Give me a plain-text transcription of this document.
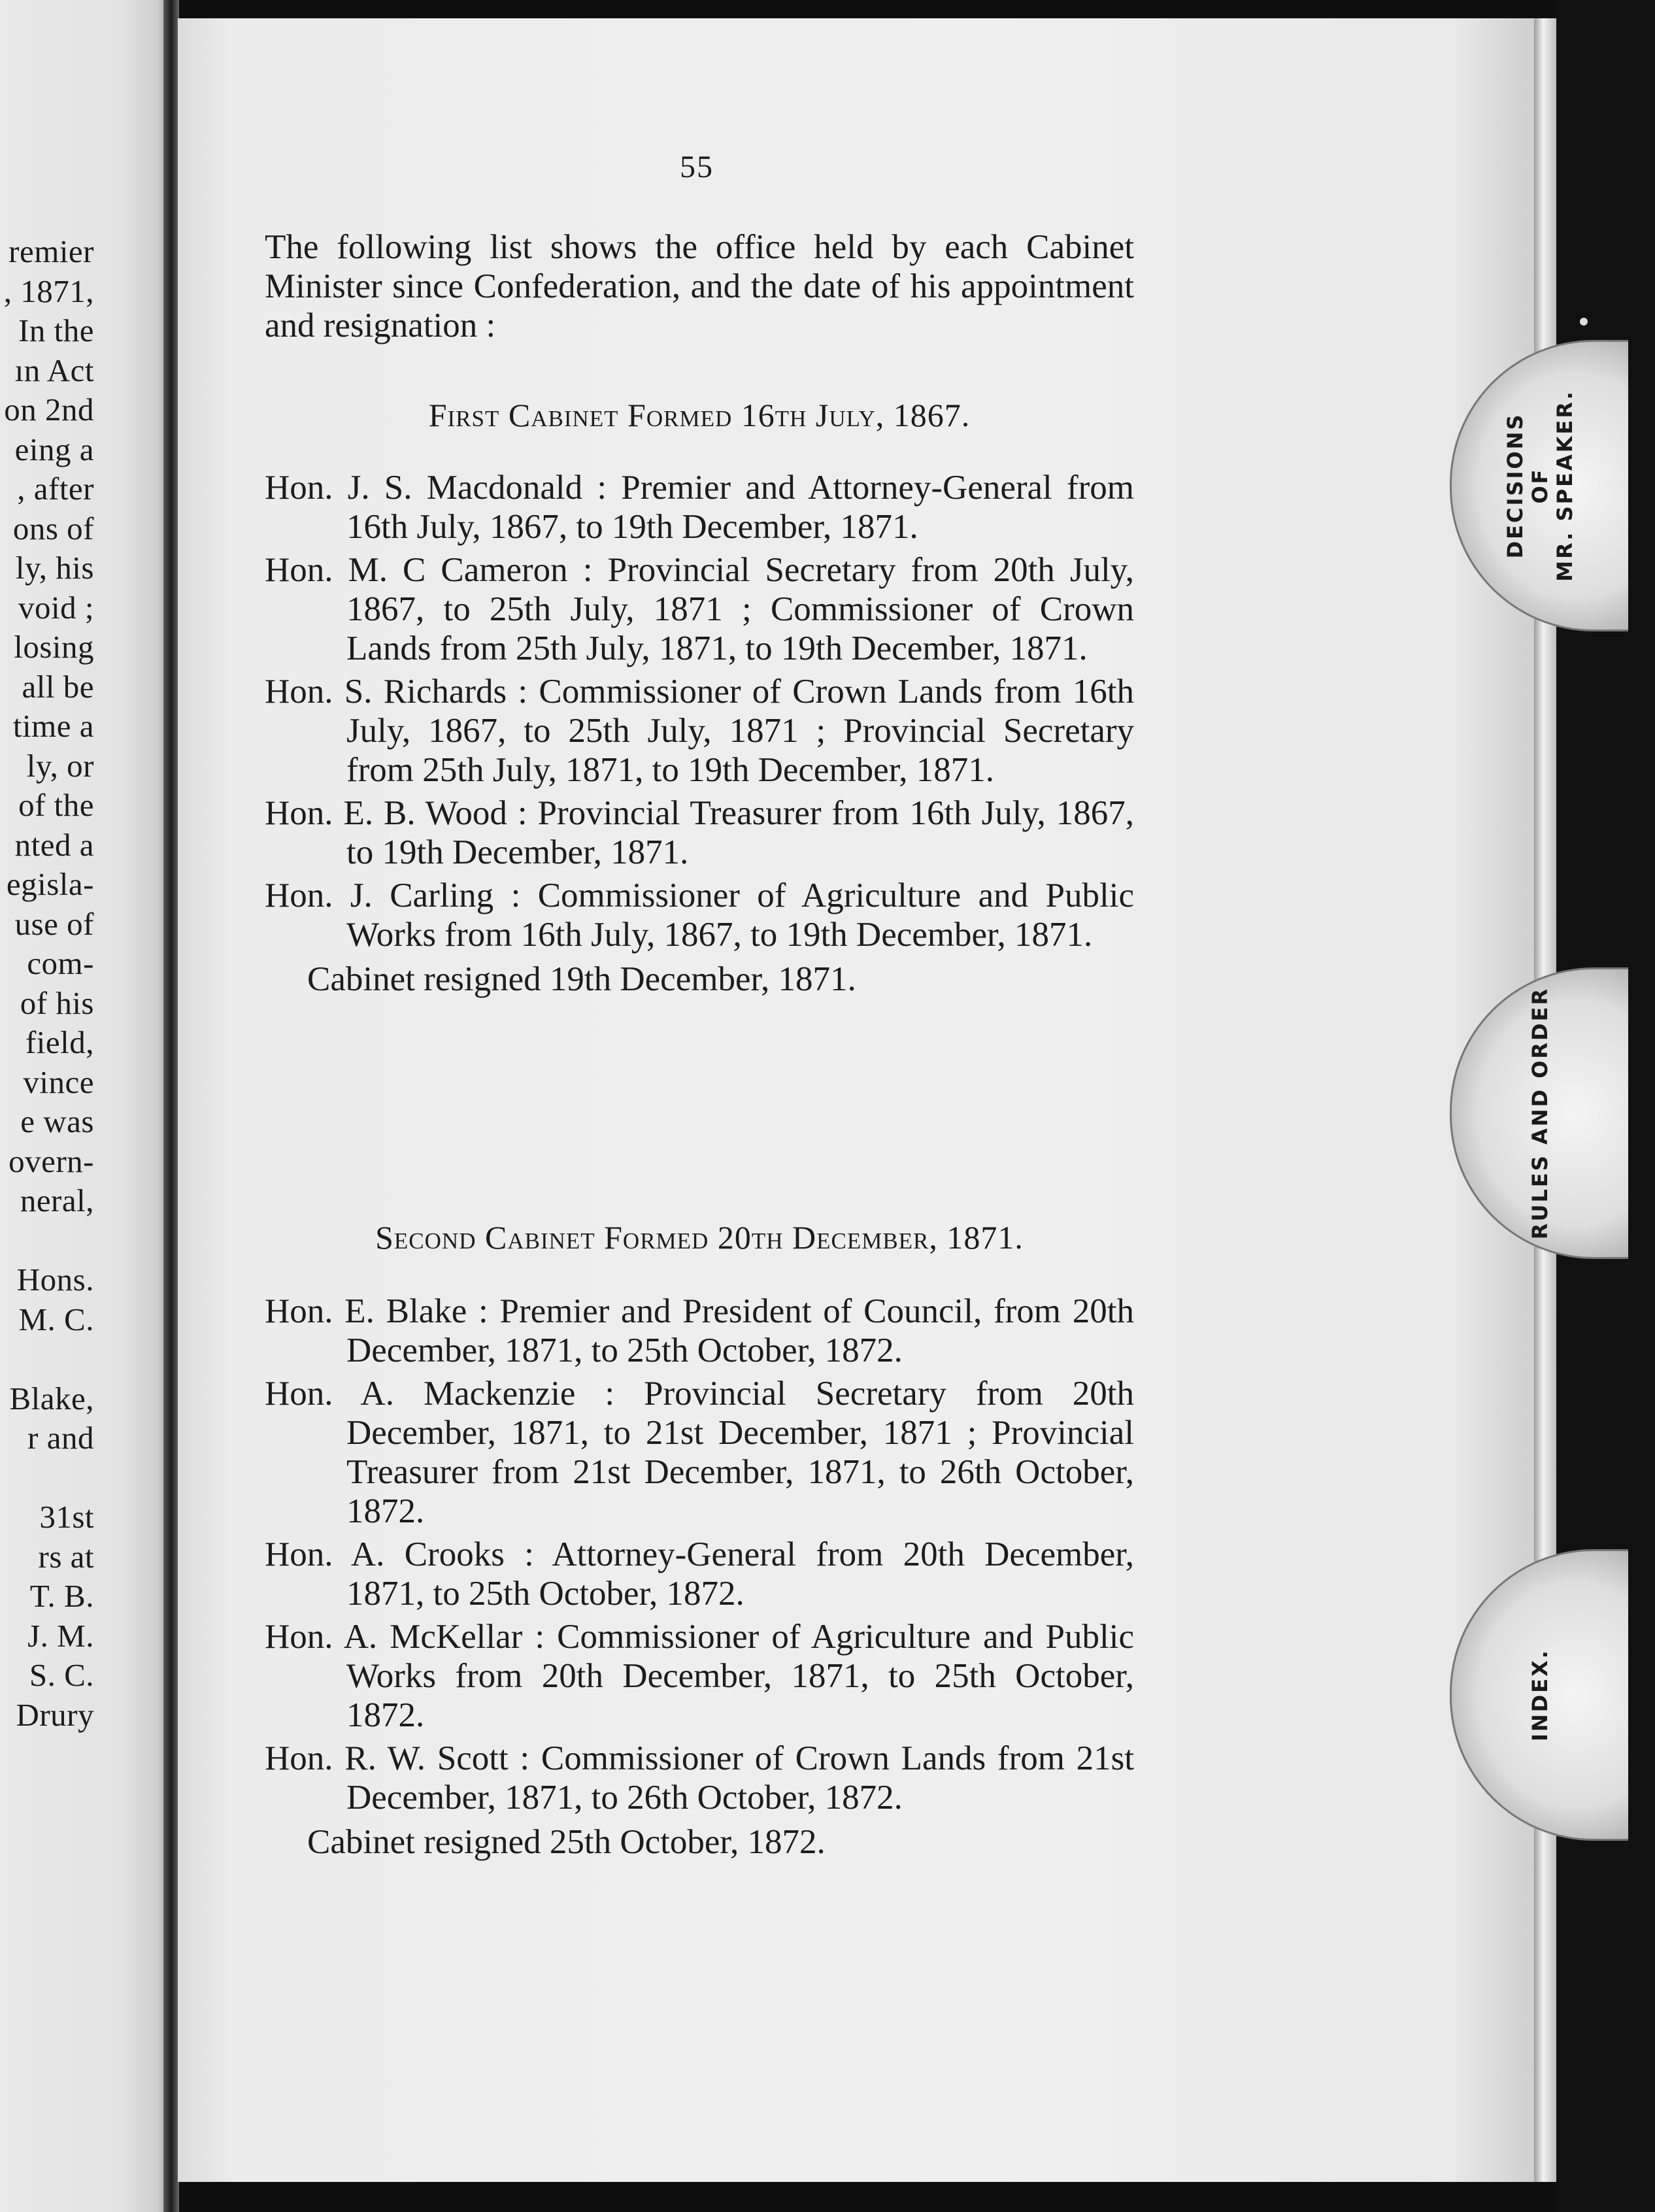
remier
, 1871,
In the
ın Act
on 2nd
eing a
, after
ons of
ly, his
void ;
losing
all be
time a
ly, or
of the
nted a
egisla-
use of
com-
of his
field,
vince
e was
overn-
neral,
Hons.
M. C.
Blake,
r and
31st
rs at
T. B.
J. M.
S. C.
Drury
55
The following list shows the office held by each Cabinet Minister since Confederation, and the date of his appointment and resignation :
First Cabinet Formed 16th July, 1867.
Hon. J. S. Macdonald : Premier and Attorney-General from 16th July, 1867, to 19th December, 1871.
Hon. M. C Cameron : Provincial Secretary from 20th July, 1867, to 25th July, 1871 ; Commissioner of Crown Lands from 25th July, 1871, to 19th December, 1871.
Hon. S. Richards : Commissioner of Crown Lands from 16th July, 1867, to 25th July, 1871 ; Provincial Secretary from 25th July, 1871, to 19th December, 1871.
Hon. E. B. Wood : Provincial Treasurer from 16th July, 1867, to 19th December, 1871.
Hon. J. Carling : Commissioner of Agriculture and Public Works from 16th July, 1867, to 19th December, 1871.
Cabinet resigned 19th December, 1871.
Second Cabinet Formed 20th December, 1871.
Hon. E. Blake : Premier and President of Council, from 20th December, 1871, to 25th October, 1872.
Hon. A. Mackenzie : Provincial Secretary from 20th December, 1871, to 21st December, 1871 ; Provincial Treasurer from 21st December, 1871, to 26th October, 1872.
Hon. A. Crooks : Attorney-General from 20th December, 1871, to 25th October, 1872.
Hon. A. McKellar : Commissioner of Agriculture and Public Works from 20th December, 1871, to 25th October, 1872.
Hon. R. W. Scott : Commissioner of Crown Lands from 21st December, 1871, to 26th October, 1872.
Cabinet resigned 25th October, 1872.
DECISIONS OF MR. SPEAKER.
RULES AND ORDER
INDEX.
